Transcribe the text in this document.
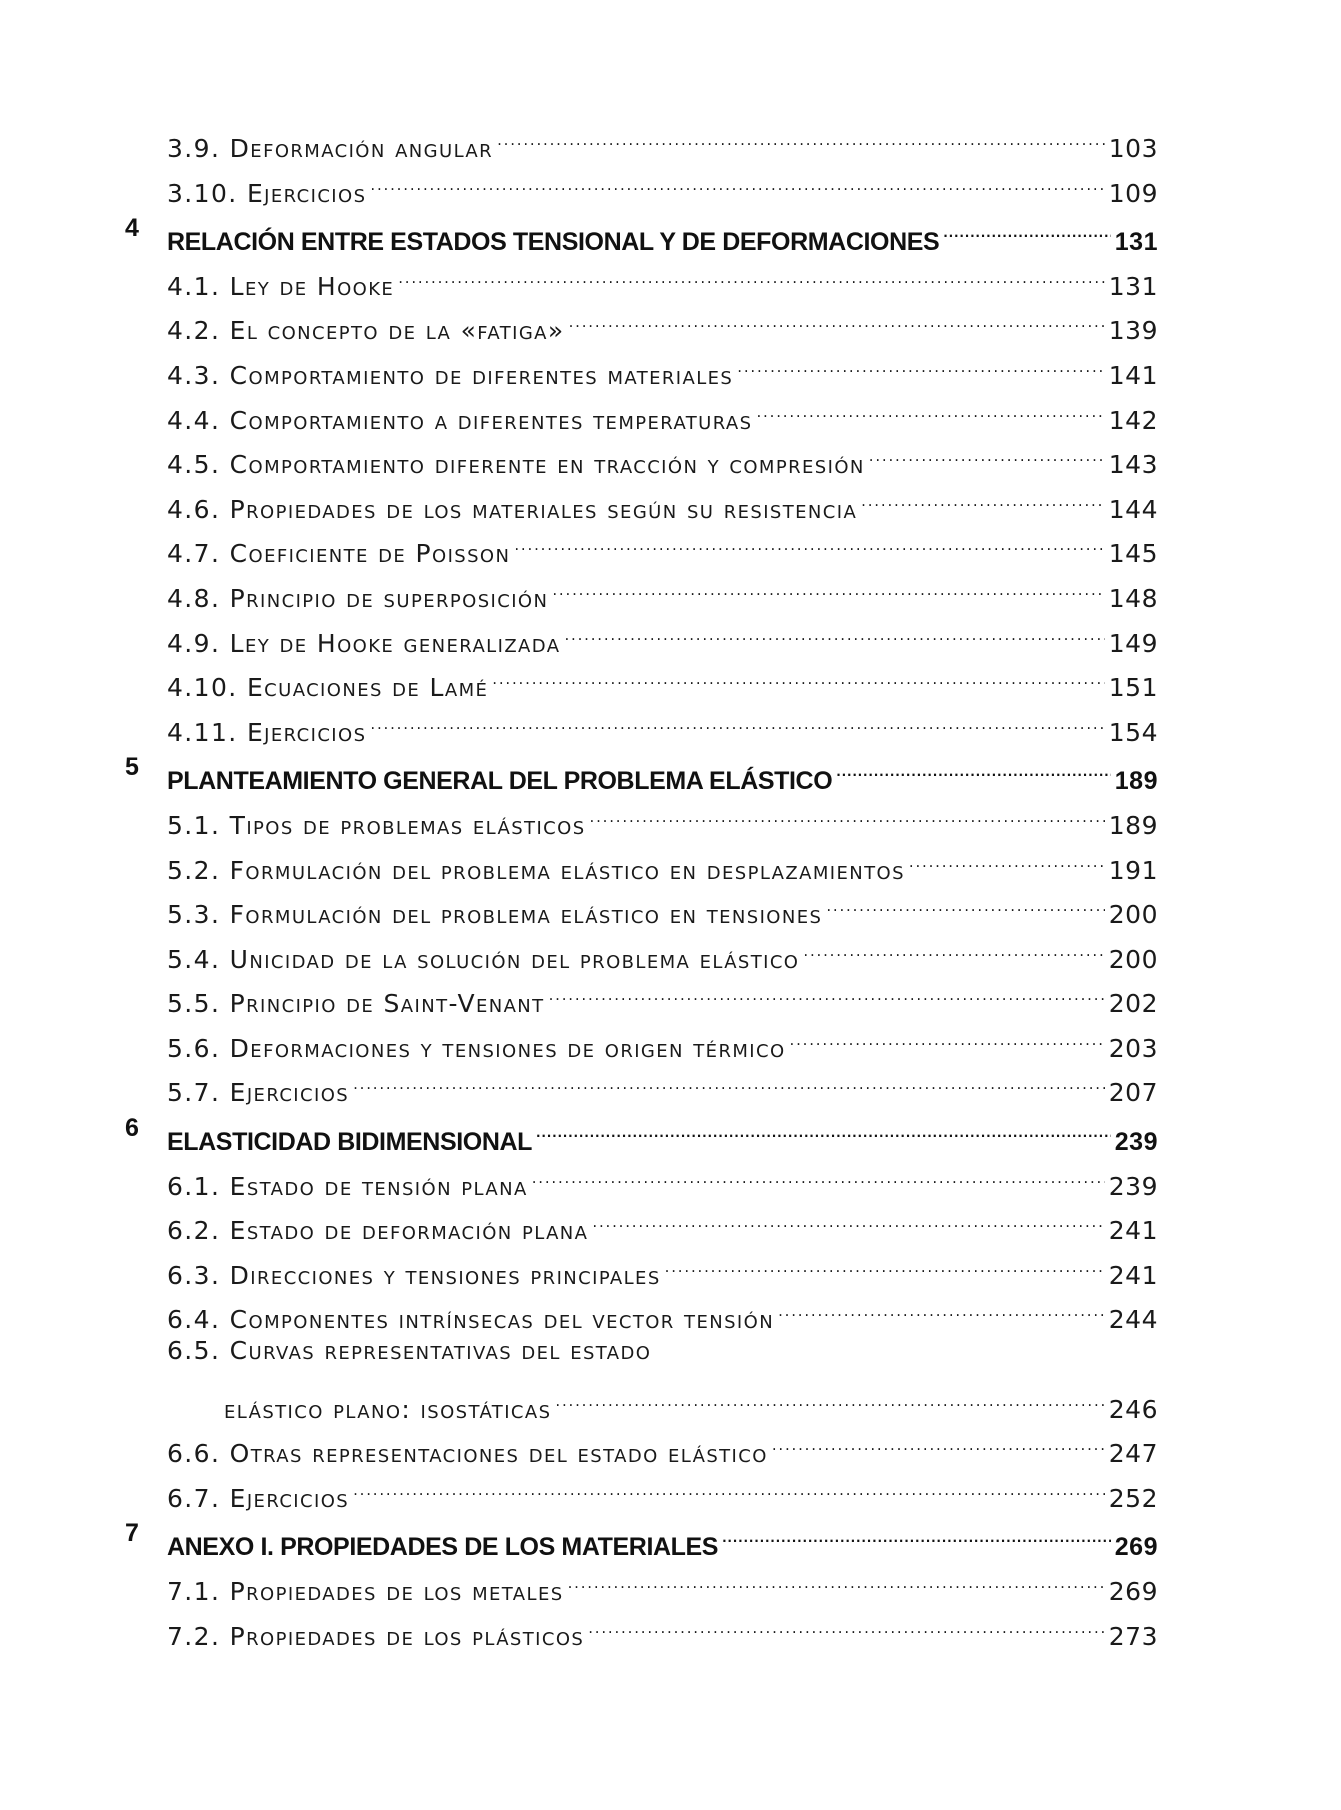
3.9. Deformación angular .....	103
3.10. Ejercicios .....	109
4 RELACIÓN ENTRE ESTADOS TENSIONAL Y DE DEFORMACIONES .....	131
4.1. Ley de Hooke .....	131
4.2. El concepto de la «fatiga» .....	139
4.3. Comportamiento de diferentes materiales .....	141
4.4. Comportamiento a diferentes temperaturas .....	142
4.5. Comportamiento diferente en tracción y compresión .....	143
4.6. Propiedades de los materiales según su resistencia .....	144
4.7. Coeficiente de Poisson .....	145
4.8. Principio de superposición .....	148
4.9. Ley de Hooke generalizada .....	149
4.10. Ecuaciones de Lamé .....	151
4.11. Ejercicios .....	154
5 PLANTEAMIENTO GENERAL DEL PROBLEMA ELÁSTICO .....	189
5.1. Tipos de problemas elásticos .....	189
5.2. Formulación del problema elástico en desplazamientos .....	191
5.3. Formulación del problema elástico en tensiones .....	200
5.4. Unicidad de la solución del problema elástico .....	200
5.5. Principio de Saint-Venant .....	202
5.6. Deformaciones y tensiones de origen térmico .....	203
5.7. Ejercicios .....	207
6 ELASTICIDAD BIDIMENSIONAL .....	239
6.1. Estado de tensión plana .....	239
6.2. Estado de deformación plana .....	241
6.3. Direcciones y tensiones principales .....	241
6.4. Componentes intrínsecas del vector tensión .....	244
6.5. Curvas representativas del estado
elástico plano: isostáticas .....	246
6.6. Otras representaciones del estado elástico .....	247
6.7. Ejercicios .....	252
7 ANEXO I. PROPIEDADES DE LOS MATERIALES .....	269
7.1. Propiedades de los metales .....	269
7.2. Propiedades de los plásticos .....	273
